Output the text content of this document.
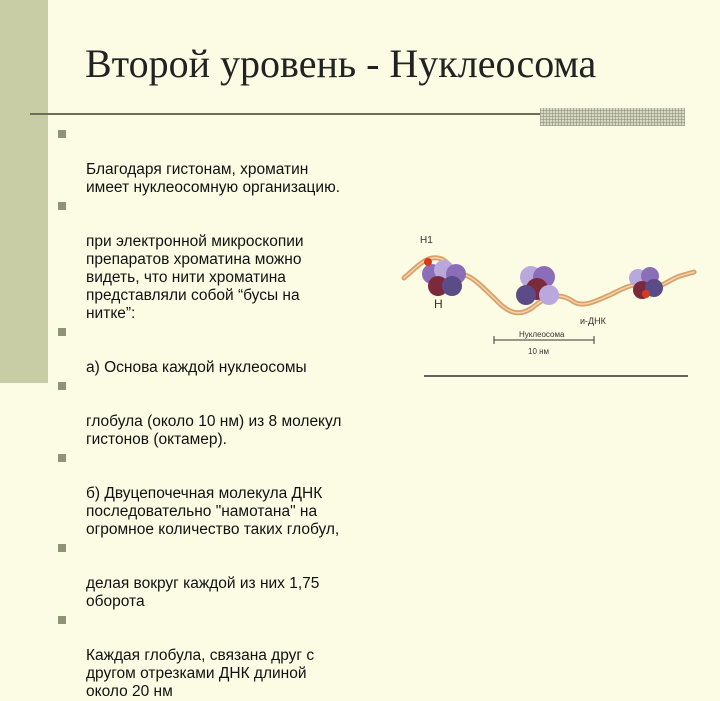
Второй уровень - Нуклеосома

Благодаря гистонам, хроматин
имеет нуклеосомную организацию.

при электронной микроскопии
препаратов хроматина можно
видеть, что нити хроматина
представляли собой “бусы на
нитке”:

а) Основа каждой нуклеосомы

глобула (около 10 нм) из 8 молекул
гистонов (октамер).

б) Двуцепочечная молекула ДНК
последовательно "намотана" на
огромное количество таких глобул,

делая вокруг каждой из них 1,75
оборота

Каждая глобула, связана друг с
другом отрезками ДНК длиной
около 20 нм

H1
H
и-ДНК
Нуклеосома
10 нм
